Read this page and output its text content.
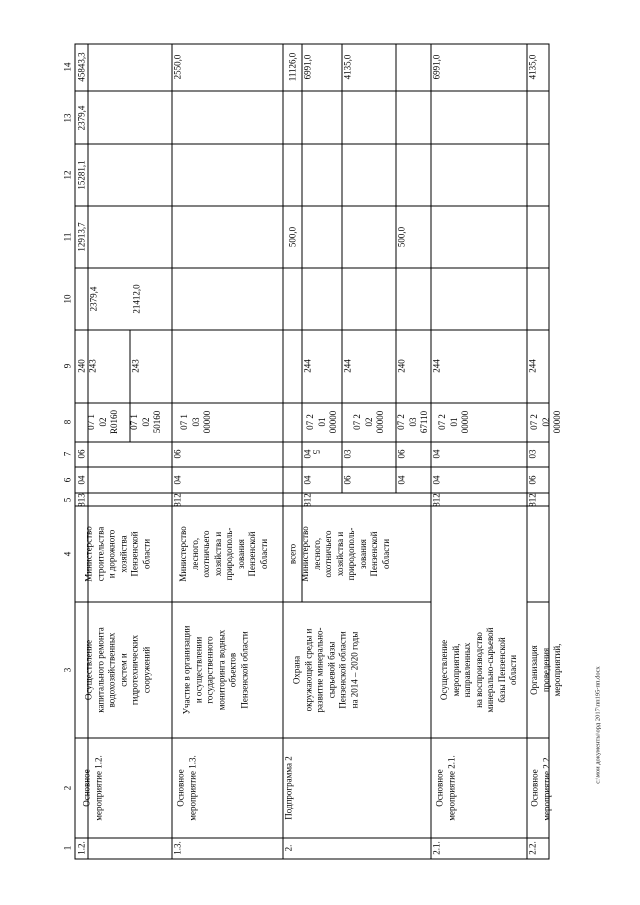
5
1
2
3
4
5
6
7
8
9
10
11
12
13
14
1.2.
Основное
мероприятие 1.2.
Осуществление
капитального ремонта
водохозяйственных
систем и
гидротехнических
сооружений
Министерство
строительства
и дорожного
хозяйства
Пензенской
области
813
04
06
07 1
02
R0160 07 1
02
50160
240 243	243
2379,4	21412,0
12913,7
15281,1
2379,4
45843,3
1.3.
Основное
мероприятие 1.3.
Участие в организации
и осуществлении
государственного
мониторинга водных
объектов
Пензенской области
Министерство
лесного,
охотничьего
хозяйства и
природополь-
зования
Пензенской
области
812
04
06
07 1
03
00000
2550,0
2.
Подпрограмма 2
Охрана
окружающей среды и
развитие минерально-
сырьевой базы
Пензенской области
на 2014 – 2020 годы
всего
500,0
11126,0
Министерство
лесного,
охотничьего
хозяйства и
природополь-
зования
Пензенской
области
812
04
04
07 2
01
00000
244
6991,0
06
03
07 2
02
00000
244
4135,0
04
06
07 2
03
67110
240
500,0
2.1.
Основное
мероприятие 2.1.
Осуществление
мероприятий,
направленных
на воспроизводство
минерально-сырьевой
базы Пензенской
области
812
04
04
07 2
01
00000
244
6991,0
2.2.
Основное
мероприятие 2.2.
Организация
проведения
мероприятий,
812
06
03
07 2
02
00000
244
4135,0
c:\мои документы\орд 2017\пп195-пп.docx
